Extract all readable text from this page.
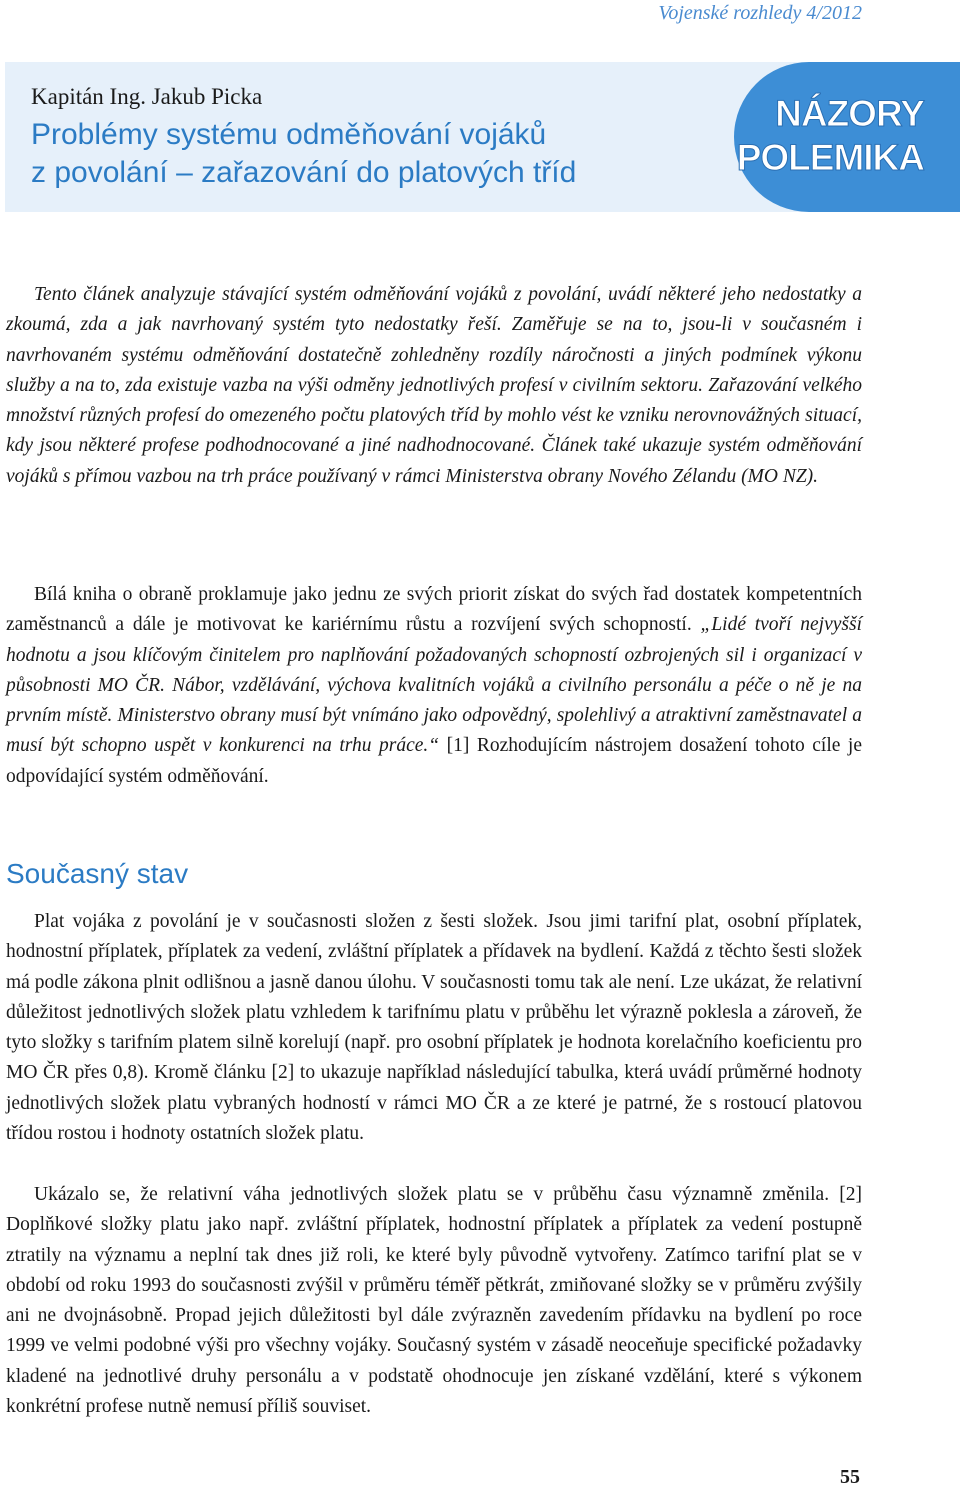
Vojenské rozhledy 4/2012
Kapitán Ing. Jakub Picka
Problémy systému odměňování vojáků
z povolání – zařazování do platových tříd
NÁZORY
POLEMIKA

Tento článek analyzuje stávající systém odměňování vojáků z povolání, uvádí některé jeho nedostatky a zkoumá, zda a jak navrhovaný systém tyto nedostatky řeší. Zaměřuje se na to, jsou-li v současném i navrhovaném systému odměňování dostatečně zohledněny rozdíly náročnosti a jiných podmínek výkonu služby a na to, zda existuje vazba na výši odměny jednotlivých profesí v civilním sektoru. Zařazování velkého množství různých profesí do omezeného počtu platových tříd by mohlo vést ke vzniku nerovnovážných situací, kdy jsou některé profese podhodnocované a jiné nadhodnocované. Článek také ukazuje systém odměňování vojáků s přímou vazbou na trh práce používaný v rámci Ministerstva obrany Nového Zélandu (MO NZ).

Bílá kniha o obraně proklamuje jako jednu ze svých priorit získat do svých řad dostatek kompetentních zaměstnanců a dále je motivovat ke kariérnímu růstu a rozvíjení svých schopností. „Lidé tvoří nejvyšší hodnotu a jsou klíčovým činitelem pro naplňování požadovaných schopností ozbrojených sil i organizací v působnosti MO ČR. Nábor, vzdělávání, výchova kvalitních vojáků a civilního personálu a péče o ně je na prvním místě. Ministerstvo obrany musí být vnímáno jako odpovědný, spolehlivý a atraktivní zaměstnavatel a musí být schopno uspět v konkurenci na trhu práce.“ [1] Rozhodujícím nástrojem dosažení tohoto cíle je odpovídající systém odměňování.

Současný stav

Plat vojáka z povolání je v současnosti složen z šesti složek. Jsou jimi tarifní plat, osobní příplatek, hodnostní příplatek, příplatek za vedení, zvláštní příplatek a přídavek na bydlení. Každá z těchto šesti složek má podle zákona plnit odlišnou a jasně danou úlohu. V současnosti tomu tak ale není. Lze ukázat, že relativní důležitost jednotlivých složek platu vzhledem k tarifnímu platu v průběhu let výrazně poklesla a zároveň, že tyto složky s tarifním platem silně korelují (např. pro osobní příplatek je hodnota korelačního koeficientu pro MO ČR přes 0,8). Kromě článku [2] to ukazuje například následující tabulka, která uvádí průměrné hodnoty jednotlivých složek platu vybraných hodností v rámci MO ČR a ze které je patrné, že s rostoucí platovou třídou rostou i hodnoty ostatních složek platu.

Ukázalo se, že relativní váha jednotlivých složek platu se v průběhu času významně změnila. [2] Doplňkové složky platu jako např. zvláštní příplatek, hodnostní příplatek a příplatek za vedení postupně ztratily na významu a neplní tak dnes již roli, ke které byly původně vytvořeny. Zatímco tarifní plat se v období od roku 1993 do současnosti zvýšil v průměru téměř pětkrát, zmiňované složky se v průměru zvýšily ani ne dvojnásobně. Propad jejich důležitosti byl dále zvýrazněn zavedením přídavku na bydlení po roce 1999 ve velmi podobné výši pro všechny vojáky. Současný systém v zásadě neoceňuje specifické požadavky kladené na jednotlivé druhy personálu a v podstatě ohodnocuje jen získané vzdělání, které s výkonem konkrétní profese nutně nemusí příliš souviset.

55
